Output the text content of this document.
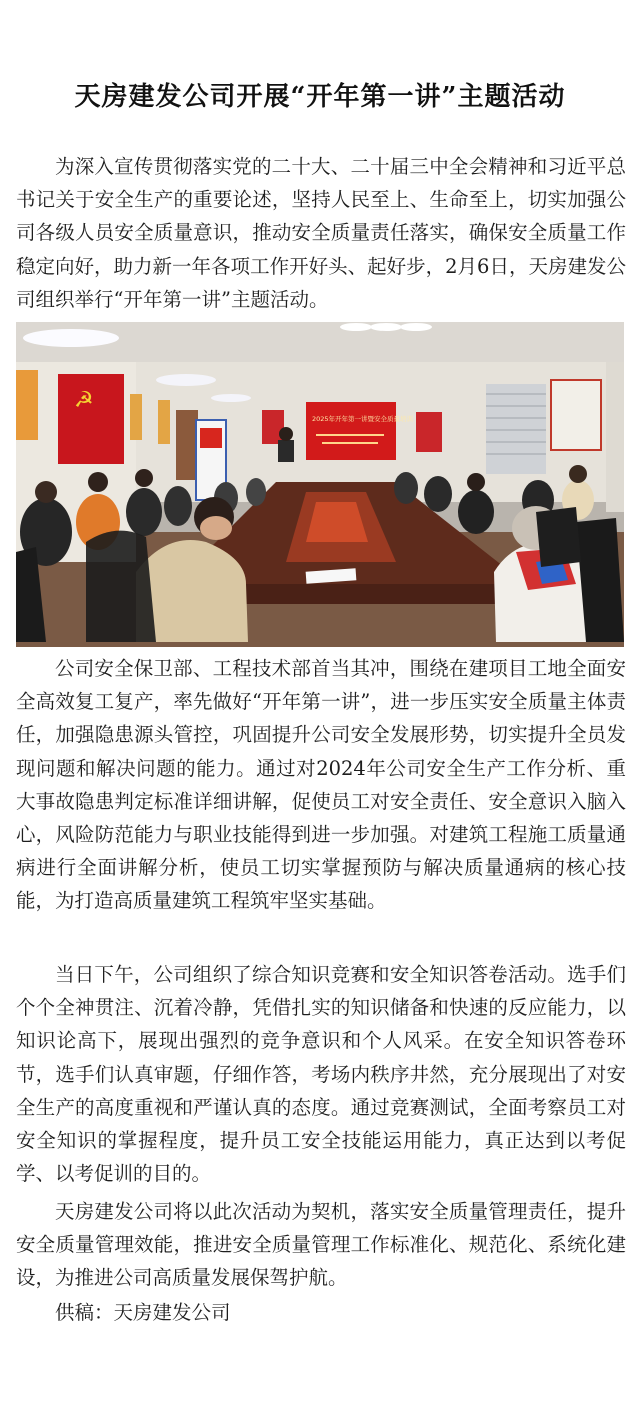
天房建发公司开展“开年第一讲”主题活动

为深入宣传贯彻落实党的二十大、二十届三中全会精神和习近平总书记关于安全生产的重要论述，坚持人民至上、生命至上，切实加强公司各级人员安全质量意识，推动安全质量责任落实，确保安全质量工作稳定向好，助力新一年各项工作开好头、起好步，2月6日，天房建发公司组织举行“开年第一讲”主题活动。

☭
2025年开年第一讲暨安全质量培训

公司安全保卫部、工程技术部首当其冲，围绕在建项目工地全面安全高效复工复产，率先做好“开年第一讲”，进一步压实安全质量主体责任，加强隐患源头管控，巩固提升公司安全发展形势，切实提升全员发现问题和解决问题的能力。通过对2024年公司安全生产工作分析、重大事故隐患判定标准详细讲解，促使员工对安全责任、安全意识入脑入心，风险防范能力与职业技能得到进一步加强。对建筑工程施工质量通病进行全面讲解分析，使员工切实掌握预防与解决质量通病的核心技能，为打造高质量建筑工程筑牢坚实基础。

当日下午，公司组织了综合知识竞赛和安全知识答卷活动。选手们个个全神贯注、沉着冷静，凭借扎实的知识储备和快速的反应能力，以知识论高下，展现出强烈的竞争意识和个人风采。在安全知识答卷环节，选手们认真审题，仔细作答，考场内秩序井然，充分展现出了对安全生产的高度重视和严谨认真的态度。通过竞赛测试，全面考察员工对安全知识的掌握程度，提升员工安全技能运用能力，真正达到以考促学、以考促训的目的。

天房建发公司将以此次活动为契机，落实安全质量管理责任，提升安全质量管理效能，推进安全质量管理工作标准化、规范化、系统化建设，为推进公司高质量发展保驾护航。

供稿：天房建发公司
